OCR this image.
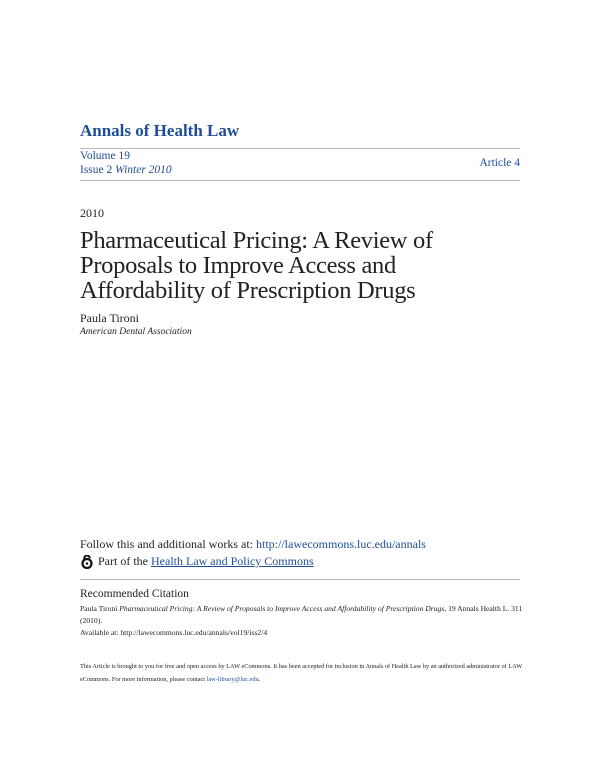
Annals of Health Law
Volume 19
Issue 2 Winter 2010
Article 4
2010
Pharmaceutical Pricing: A Review of Proposals to Improve Access and Affordability of Prescription Drugs
Paula Tironi
American Dental Association
Follow this and additional works at: http://lawecommons.luc.edu/annals
Part of the
Health Law and Policy Commons
Recommended Citation
Paula Tironi Pharmaceutical Pricing: A Review of Proposals to Improve Access and Affordability of Prescription Drugs, 19 Annals Health L. 311 (2010).
Available at: http://lawecommons.luc.edu/annals/vol19/iss2/4
This Article is brought to you for free and open access by LAW eCommons. It has been accepted for inclusion in Annals of Health Law by an authorized administrator of LAW eCommons. For more information, please contact law-library@luc.edu.
